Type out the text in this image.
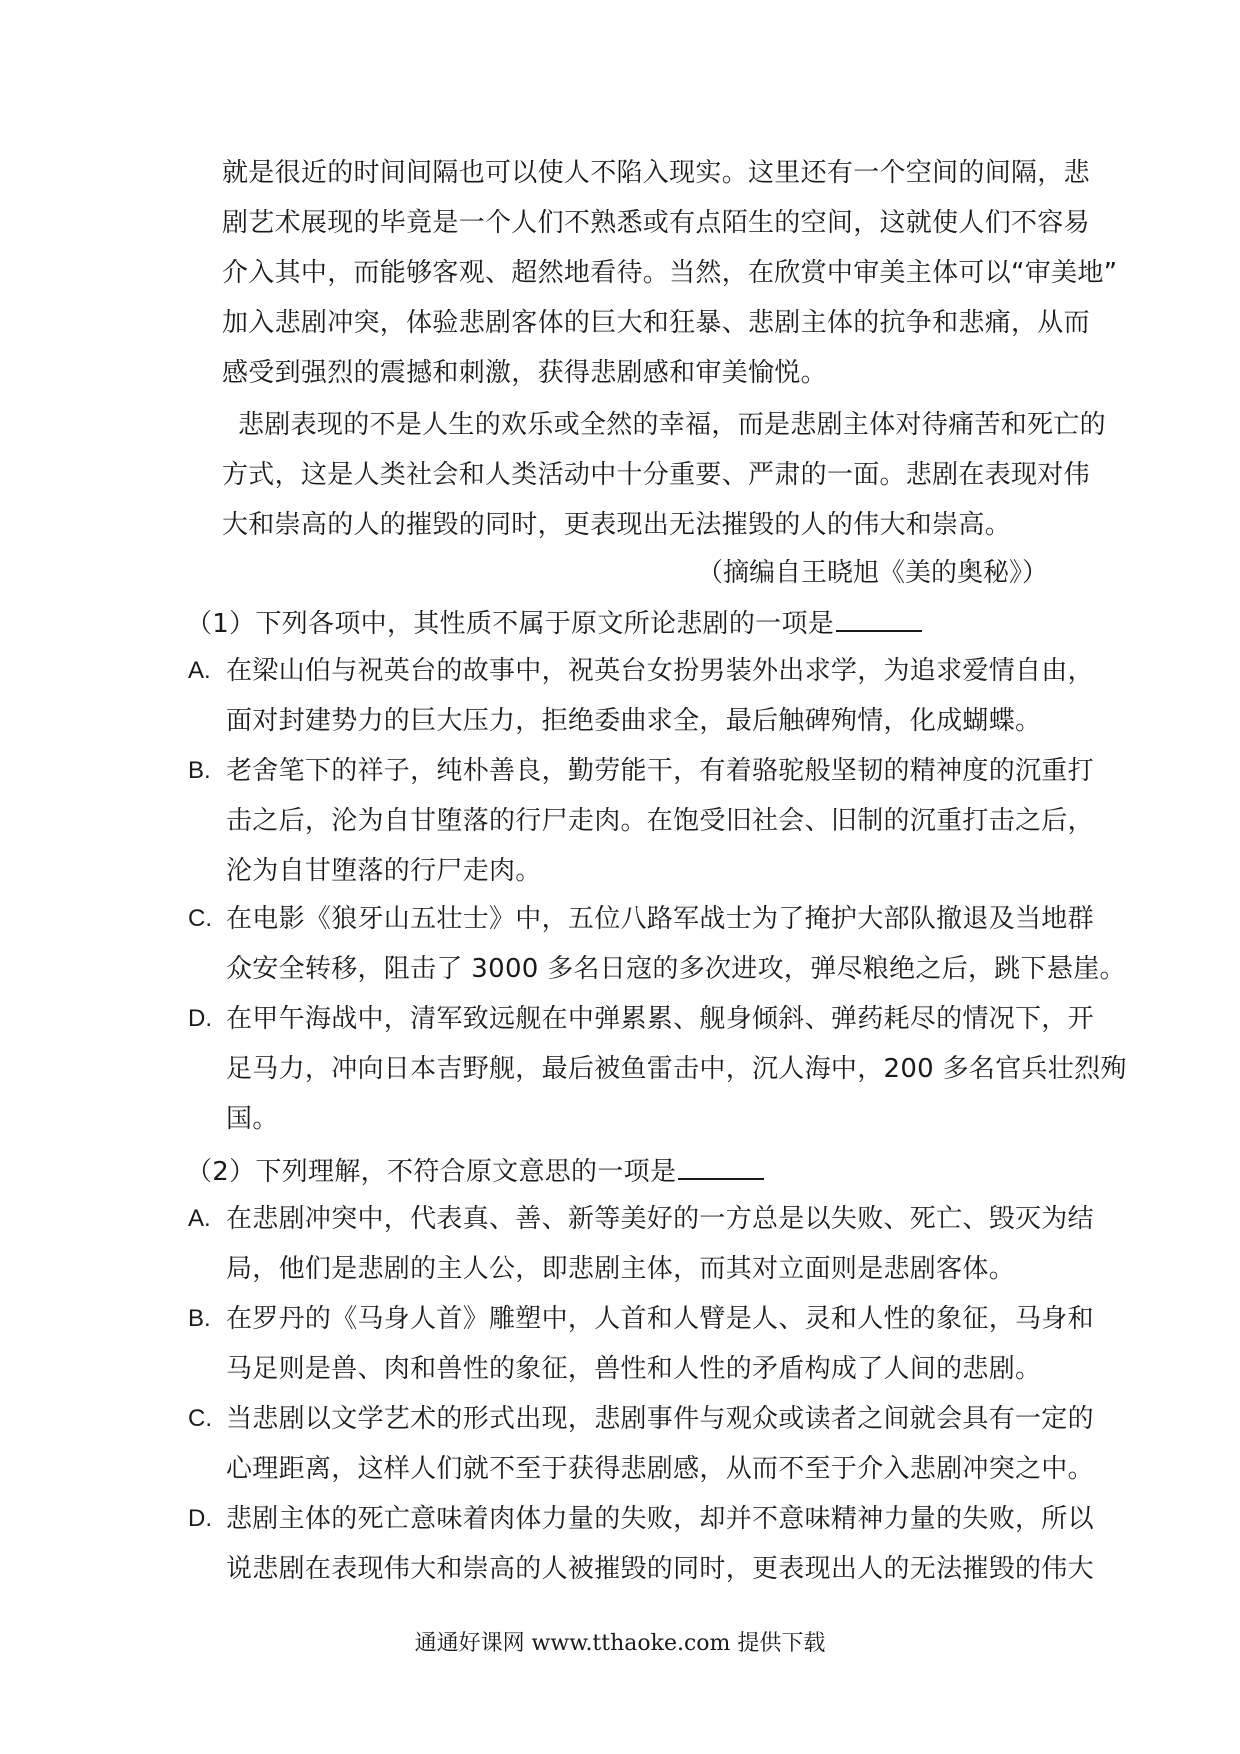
就是很近的时间间隔也可以使人不陷入现实。这里还有一个空间的间隔，悲
剧艺术展现的毕竟是一个人们不熟悉或有点陌生的空间，这就使人们不容易
介入其中，而能够客观、超然地看待。当然，在欣赏中审美主体可以“审美地”
加入悲剧冲突，体验悲剧客体的巨大和狂暴、悲剧主体的抗争和悲痛，从而
感受到强烈的震撼和刺激，获得悲剧感和审美愉悦。
悲剧表现的不是人生的欢乐或全然的幸福，而是悲剧主体对待痛苦和死亡的
方式，这是人类社会和人类活动中十分重要、严肃的一面。悲剧在表现对伟
大和崇高的人的摧毁的同时，更表现出无法摧毁的人的伟大和崇高。
（摘编自王晓旭《美的奥秘》）
（1）下列各项中，其性质不属于原文所论悲剧的一项是
A. 在梁山伯与祝英台的故事中，祝英台女扮男装外出求学，为追求爱情自由，
面对封建势力的巨大压力，拒绝委曲求全，最后触碑殉情，化成蝴蝶。
B. 老舍笔下的祥子，纯朴善良，勤劳能干，有着骆驼般坚韧的精神度的沉重打
击之后，沦为自甘堕落的行尸走肉。在饱受旧社会、旧制的沉重打击之后，
沦为自甘堕落的行尸走肉。
C. 在电影《狼牙山五壮士》中，五位八路军战士为了掩护大部队撤退及当地群
众安全转移，阻击了 3000 多名日寇的多次进攻，弹尽粮绝之后，跳下悬崖。
D. 在甲午海战中，清军致远舰在中弹累累、舰身倾斜、弹药耗尽的情况下，开
足马力，冲向日本吉野舰，最后被鱼雷击中，沉人海中，200 多名官兵壮烈殉
国。
（2）下列理解，不符合原文意思的一项是
A. 在悲剧冲突中，代表真、善、新等美好的一方总是以失败、死亡、毁灭为结
局，他们是悲剧的主人公，即悲剧主体，而其对立面则是悲剧客体。
B. 在罗丹的《马身人首》雕塑中，人首和人臂是人、灵和人性的象征，马身和
马足则是兽、肉和兽性的象征，兽性和人性的矛盾构成了人间的悲剧。
C. 当悲剧以文学艺术的形式出现，悲剧事件与观众或读者之间就会具有一定的
心理距离，这样人们就不至于获得悲剧感，从而不至于介入悲剧冲突之中。
D. 悲剧主体的死亡意味着肉体力量的失败，却并不意味精神力量的失败，所以
说悲剧在表现伟大和崇高的人被摧毁的同时，更表现出人的无法摧毁的伟大
通通好课网 www.tthaoke.com 提供下载
